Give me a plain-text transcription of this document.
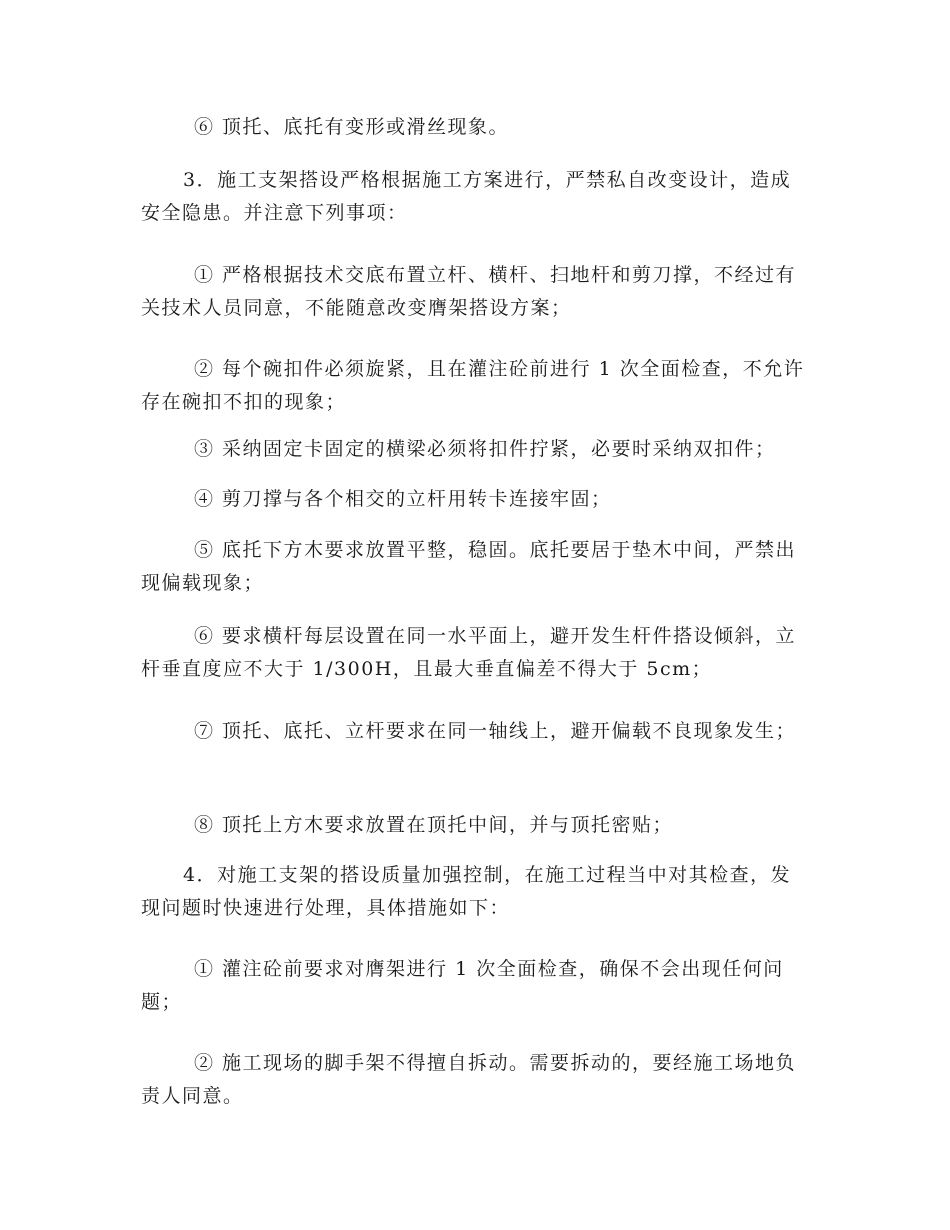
⑥ 顶托、底托有变形或滑丝现象。

3．施工支架搭设严格根据施工方案进行，严禁私自改变设计，造成安全隐患。并注意下列事项：

① 严格根据技术交底布置立杆、横杆、扫地杆和剪刀撑，不经过有关技术人员同意，不能随意改变膺架搭设方案；

② 每个碗扣件必须旋紧，且在灌注砼前进行 1 次全面检查，不允许存在碗扣不扣的现象；

③ 采纳固定卡固定的横梁必须将扣件拧紧，必要时采纳双扣件；

④ 剪刀撑与各个相交的立杆用转卡连接牢固；

⑤ 底托下方木要求放置平整，稳固。底托要居于垫木中间，严禁出现偏载现象；

⑥ 要求横杆每层设置在同一水平面上，避开发生杆件搭设倾斜，立杆垂直度应不大于 1/300H，且最大垂直偏差不得大于 5cm；

⑦ 顶托、底托、立杆要求在同一轴线上，避开偏载不良现象发生；

⑧ 顶托上方木要求放置在顶托中间，并与顶托密贴；

4．对施工支架的搭设质量加强控制，在施工过程当中对其检查，发现问题时快速进行处理，具体措施如下：

① 灌注砼前要求对膺架进行 1 次全面检查，确保不会出现任何问题；

② 施工现场的脚手架不得擅自拆动。需要拆动的，要经施工场地负责人同意。
